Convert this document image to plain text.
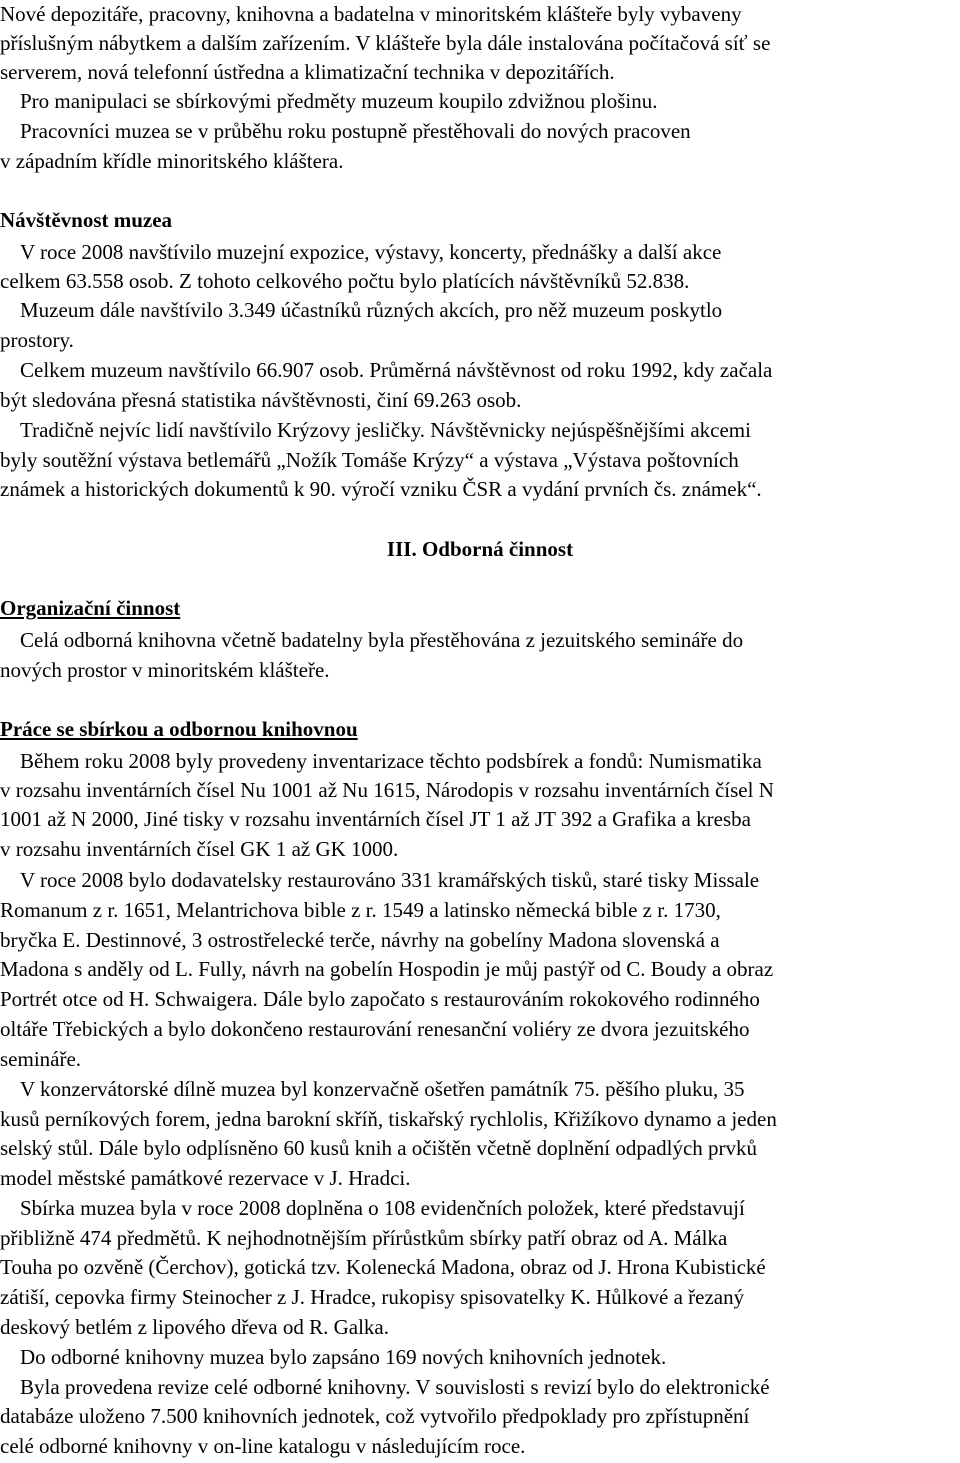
Nové depozitáře, pracovny, knihovna a badatelna v minoritském klášteře byly vybaveny
příslušným nábytkem a dalším zařízením. V klášteře byla dále instalována počítačová síť se
serverem, nová telefonní ústředna a klimatizační technika v depozitářích.
Pro manipulaci se sbírkovými předměty muzeum koupilo zdvižnou plošinu.
Pracovníci muzea se v průběhu roku postupně přestěhovali do nových pracoven
v západním křídle minoritského kláštera.
Návštěvnost muzea
V roce 2008 navštívilo muzejní expozice, výstavy, koncerty, přednášky a další akce
celkem 63.558 osob. Z tohoto celkového počtu bylo platících návštěvníků 52.838.
Muzeum dále navštívilo 3.349 účastníků různých akcích, pro něž muzeum poskytlo
prostory.
Celkem muzeum navštívilo 66.907 osob. Průměrná návštěvnost od roku 1992, kdy začala
být sledována přesná statistika návštěvnosti, činí 69.263 osob.
Tradičně nejvíc lidí navštívilo Krýzovy jesličky. Návštěvnicky nejúspěšnějšími akcemi
byly soutěžní výstava betlemářů „Nožík Tomáše Krýzy“ a výstava „Výstava poštovních
známek a historických dokumentů k 90. výročí vzniku ČSR a vydání prvních čs. známek“.
III. Odborná činnost
Organizační činnost
Celá odborná knihovna včetně badatelny byla přestěhována z jezuitského semináře do
nových prostor v minoritském klášteře.
Práce se sbírkou a odbornou knihovnou
Během roku 2008 byly provedeny inventarizace těchto podsbírek a fondů: Numismatika
v rozsahu inventárních čísel Nu 1001 až Nu 1615, Národopis v rozsahu inventárních čísel N
1001 až N 2000, Jiné tisky v rozsahu inventárních čísel JT 1 až JT 392 a Grafika a kresba
v rozsahu inventárních čísel GK 1 až GK 1000.
V roce 2008 bylo dodavatelsky restaurováno 331 kramářských tisků, staré tisky Missale
Romanum z r. 1651, Melantrichova bible z r. 1549 a latinsko německá bible z r. 1730,
bryčka E. Destinnové, 3 ostrostřelecké terče, návrhy na gobelíny Madona slovenská a
Madona s anděly od L. Fully, návrh na gobelín Hospodin je můj pastýř od C. Boudy a obraz
Portrét otce od H. Schwaigera. Dále bylo započato s restaurováním rokokového rodinného
oltáře Třebických a bylo dokončeno restaurování renesanční voliéry ze dvora jezuitského
semináře.
V konzervátorské dílně muzea byl konzervačně ošetřen památník 75. pěšího pluku, 35
kusů perníkových forem, jedna barokní skříň, tiskařský rychlolis, Křižíkovo dynamo a jeden
selský stůl. Dále bylo odplísněno 60 kusů knih a očištěn včetně doplnění odpadlých prvků
model městské památkové rezervace v J. Hradci.
Sbírka muzea byla v roce 2008 doplněna o 108 evidenčních položek, které představují
přibližně 474 předmětů. K nejhodnotnějším přírůstkům sbírky patří obraz od A. Málka
Touha po ozvěně (Čerchov), gotická tzv. Kolenecká Madona, obraz od J. Hrona Kubistické
zátiší, cepovka firmy Steinocher z J. Hradce, rukopisy spisovatelky K. Hůlkové a řezaný
deskový betlém z lipového dřeva od R. Galka.
Do odborné knihovny muzea bylo zapsáno 169 nových knihovních jednotek.
Byla provedena revize celé odborné knihovny. V souvislosti s revizí bylo do elektronické
databáze uloženo 7.500 knihovních jednotek, což vytvořilo předpoklady pro zpřístupnění
celé odborné knihovny v on-line katalogu v následujícím roce.
